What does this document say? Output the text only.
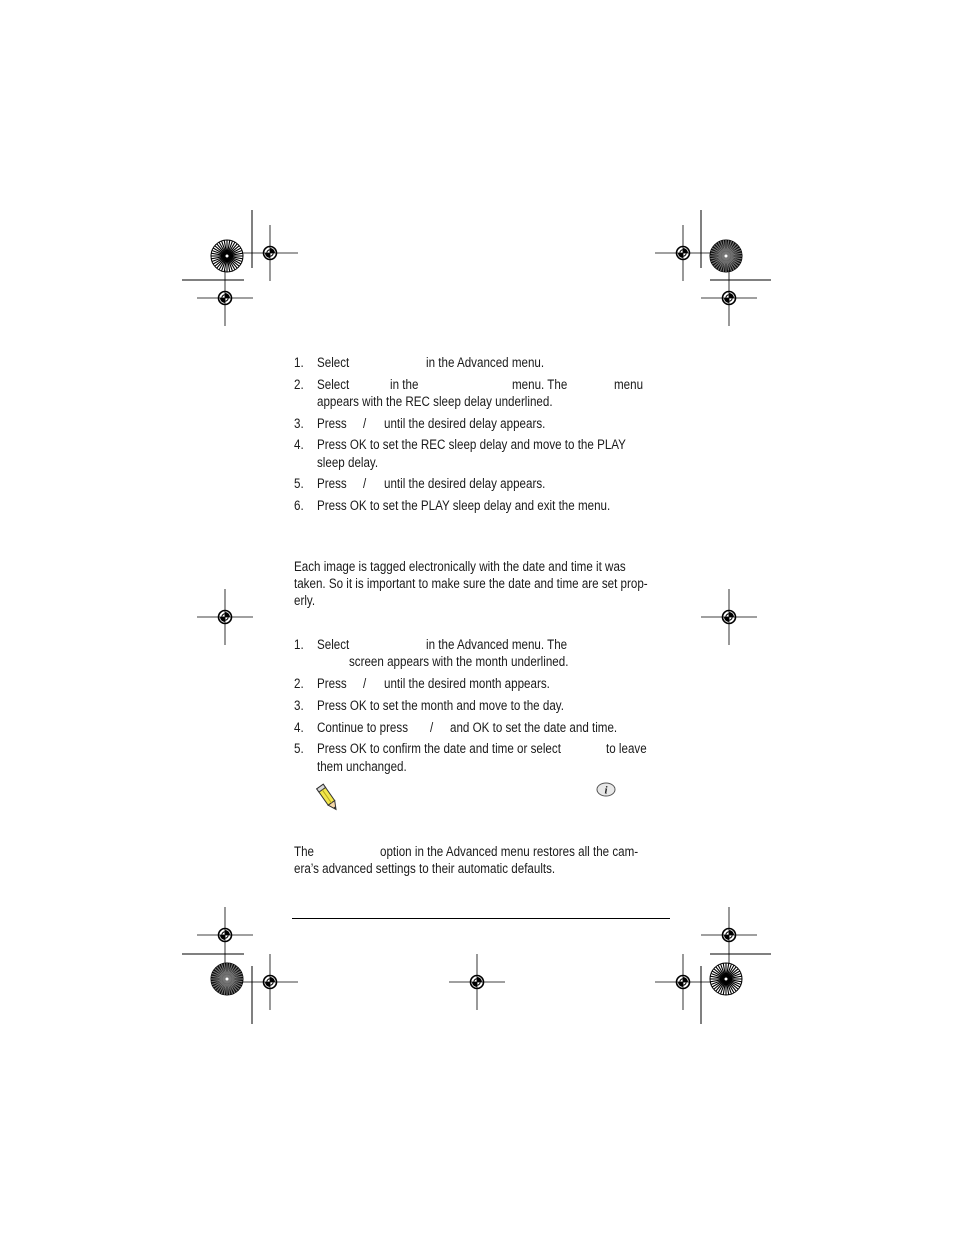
1. Select	in the Advanced menu.
2. Select	in the	menu. The	menu
appears with the REC sleep delay underlined.
3. Press / until the desired delay appears.
4. Press OK to set the REC sleep delay and move to the PLAY
sleep delay.
5. Press / until the desired delay appears.
6. Press OK to set the PLAY sleep delay and exit the menu.
Each image is tagged electronically with the date and time it was
taken. So it is important to make sure the date and time are set prop-
erly.
1. Select	in the Advanced menu. The
screen appears with the month underlined.
2. Press / until the desired month appears.
3. Press OK to set the month and move to the day.
4. Continue to press / and OK to set the date and time.
5. Press OK to confirm the date and time or select	to leave
them unchanged.
i
The	option in the Advanced menu restores all the cam-
era’s advanced settings to their automatic defaults.
